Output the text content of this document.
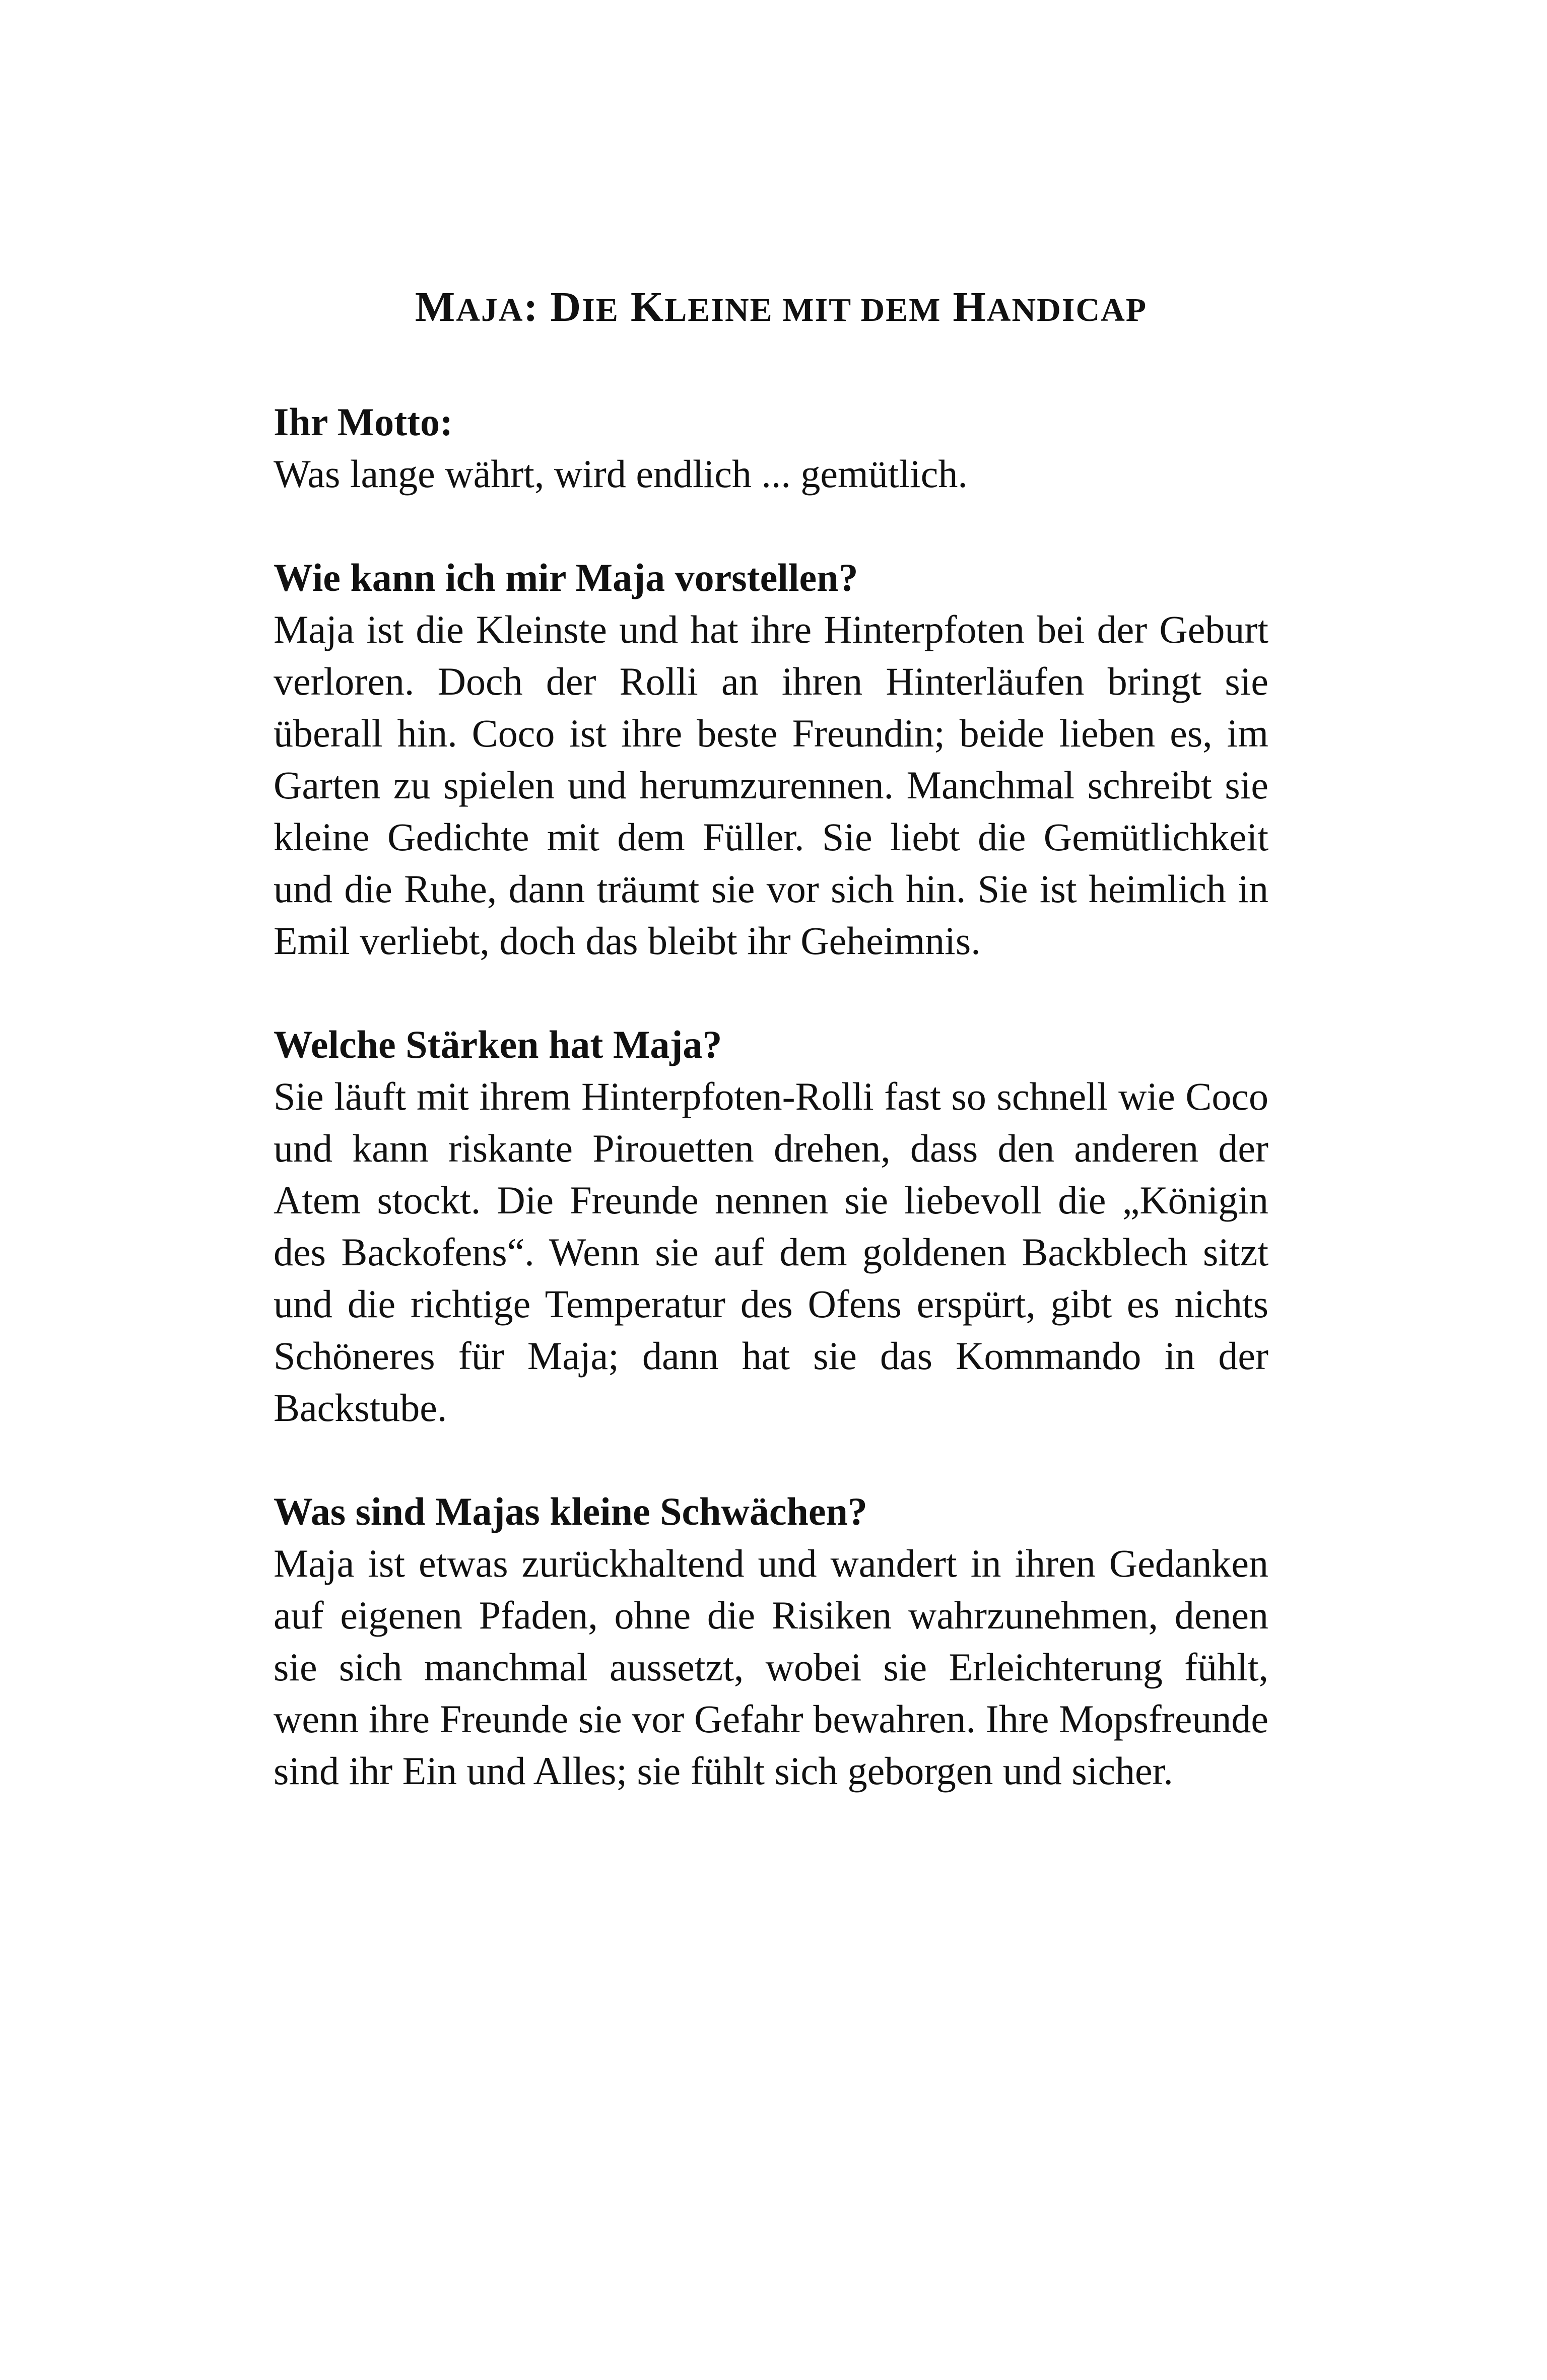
MAJA: DIE KLEINE MIT DEM HANDICAP

Ihr Motto:

Was lange währt, wird endlich ... gemütlich.

Wie kann ich mir Maja vorstellen?

Maja ist die Kleinste und hat ihre Hinterpfoten bei der Geburt verloren. Doch der Rolli an ihren Hinterläufen bringt sie überall hin. Coco ist ihre beste Freundin; beide lieben es, im Garten zu spielen und herumzurennen. Manchmal schreibt sie kleine Gedichte mit dem Füller. Sie liebt die Gemütlichkeit und die Ruhe, dann träumt sie vor sich hin. Sie ist heimlich in Emil verliebt, doch das bleibt ihr Geheimnis.

Welche Stärken hat Maja?

Sie läuft mit ihrem Hinterpfoten-Rolli fast so schnell wie Coco und kann riskante Pirouetten drehen, dass den anderen der Atem stockt. Die Freunde nennen sie liebevoll die „Königin des Backofens“. Wenn sie auf dem goldenen Backblech sitzt und die richtige Temperatur des Ofens erspürt, gibt es nichts Schöneres für Maja; dann hat sie das Kommando in der Backstube.

Was sind Majas kleine Schwächen?

Maja ist etwas zurückhaltend und wandert in ihren Gedanken auf eigenen Pfaden, ohne die Risiken wahrzunehmen, denen sie sich manchmal aussetzt, wobei sie Erleichterung fühlt, wenn ihre Freunde sie vor Gefahr bewahren. Ihre Mopsfreunde sind ihr Ein und Alles; sie fühlt sich geborgen und sicher.
